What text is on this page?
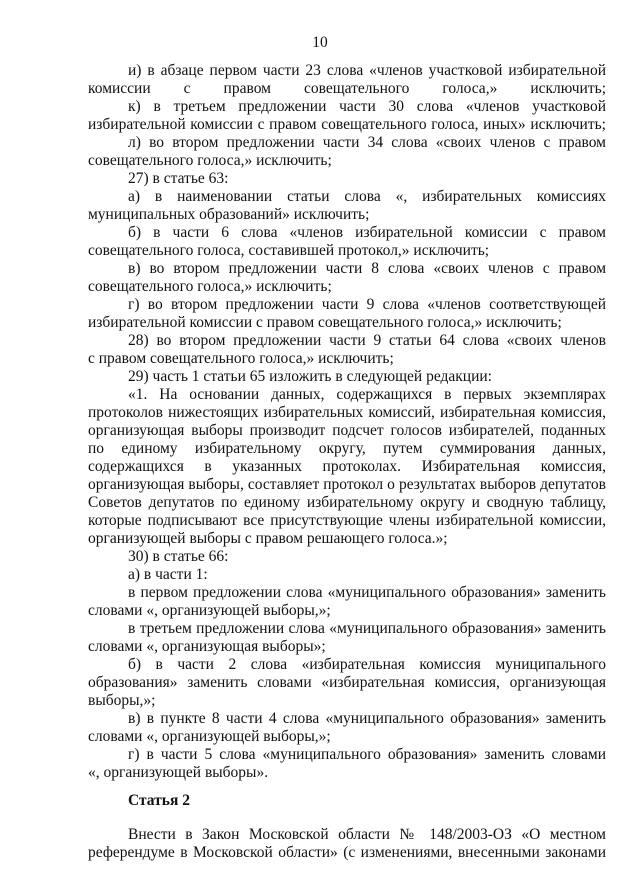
10
и) в абзаце первом части 23 слова «членов участковой избирательной
комиссии с правом совещательного голоса,» исключить;
к) в третьем предложении части 30 слова «членов участковой
избирательной комиссии с правом совещательного голоса, иных» исключить;
л) во втором предложении части 34 слова «своих членов с правом
совещательного голоса,» исключить;
27) в статье 63:
а) в наименовании статьи слова «, избирательных комиссиях
муниципальных образований» исключить;
б) в части 6 слова «членов избирательной комиссии с правом
совещательного голоса, составившей протокол,» исключить;
в) во втором предложении части 8 слова «своих членов с правом
совещательного голоса,» исключить;
г) во втором предложении части 9 слова «членов соответствующей
избирательной комиссии с правом совещательного голоса,» исключить;
28) во втором предложении части 9 статьи 64 слова «своих членов
с правом совещательного голоса,» исключить;
29) часть 1 статьи 65 изложить в следующей редакции:
«1. На основании данных, содержащихся в первых экземплярах
протоколов нижестоящих избирательных комиссий, избирательная комиссия,
организующая выборы производит подсчет голосов избирателей, поданных
по единому избирательному округу, путем суммирования данных,
содержащихся в указанных протоколах. Избирательная комиссия,
организующая выборы, составляет протокол о результатах выборов депутатов
Советов депутатов по единому избирательному округу и сводную таблицу,
которые подписывают все присутствующие члены избирательной комиссии,
организующей выборы с правом решающего голоса.»;
30) в статье 66:
а) в части 1:
в первом предложении слова «муниципального образования» заменить
словами «, организующей выборы,»;
в третьем предложении слова «муниципального образования» заменить
словами «, организующая выборы»;
б) в части 2 слова «избирательная комиссия муниципального
образования» заменить словами «избирательная комиссия, организующая
выборы,»;
в) в пункте 8 части 4 слова «муниципального образования» заменить
словами «, организующей выборы,»;
г) в части 5 слова «муниципального образования» заменить словами
«, организующей выборы».
Статья 2
Внести в Закон Московской области № 148/2003-ОЗ «О местном
референдуме в Московской области» (с изменениями, внесенными законами
